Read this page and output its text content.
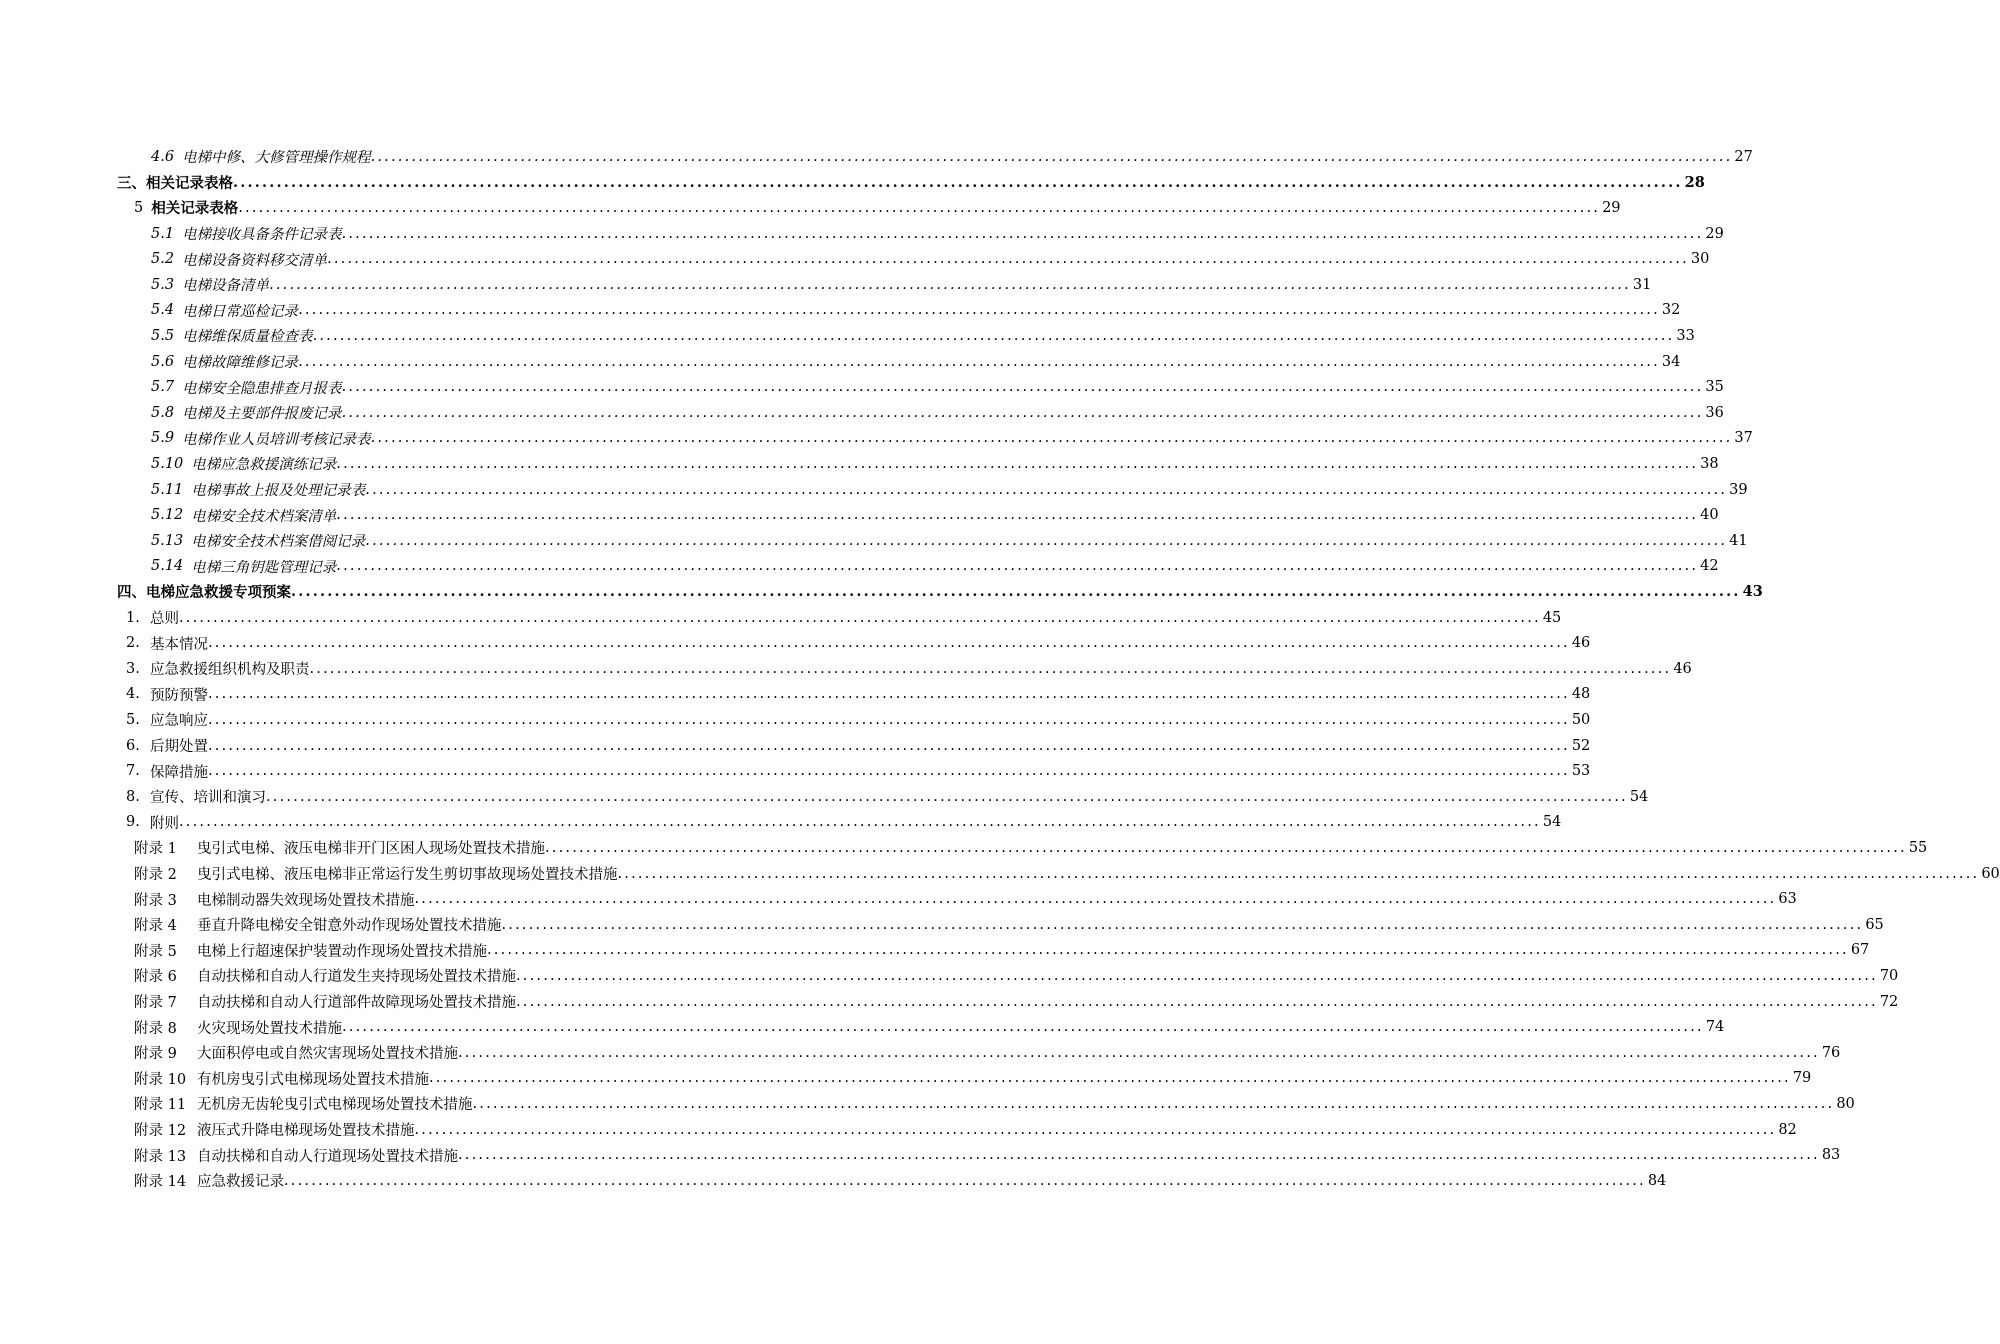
4.6 电梯中修、大修管理操作规程 ........................................................................................................................................................................................................ 27
三、相关记录表格 ........................................................................................................................................................................................................ 28
5 相关记录表格 ........................................................................................................................................................................................................ 29
5.1 电梯接收具备条件记录表 ........................................................................................................................................................................................................ 29
5.2 电梯设备资料移交清单 ........................................................................................................................................................................................................ 30
5.3 电梯设备清单 ........................................................................................................................................................................................................ 31
5.4 电梯日常巡检记录 ........................................................................................................................................................................................................ 32
5.5 电梯维保质量检查表 ........................................................................................................................................................................................................ 33
5.6 电梯故障维修记录 ........................................................................................................................................................................................................ 34
5.7 电梯安全隐患排查月报表 ........................................................................................................................................................................................................ 35
5.8 电梯及主要部件报废记录 ........................................................................................................................................................................................................ 36
5.9 电梯作业人员培训考核记录表 ........................................................................................................................................................................................................ 37
5.10 电梯应急救援演练记录 ........................................................................................................................................................................................................ 38
5.11 电梯事故上报及处理记录表 ........................................................................................................................................................................................................ 39
5.12 电梯安全技术档案清单 ........................................................................................................................................................................................................ 40
5.13 电梯安全技术档案借阅记录 ........................................................................................................................................................................................................ 41
5.14 电梯三角钥匙管理记录 ........................................................................................................................................................................................................ 42
四、电梯应急救援专项预案 ........................................................................................................................................................................................................ 43
1. 总则 ........................................................................................................................................................................................................ 45
2. 基本情况 ........................................................................................................................................................................................................ 46
3. 应急救援组织机构及职责 ........................................................................................................................................................................................................ 46
4. 预防预警 ........................................................................................................................................................................................................ 48
5. 应急响应 ........................................................................................................................................................................................................ 50
6. 后期处置 ........................................................................................................................................................................................................ 52
7. 保障措施 ........................................................................................................................................................................................................ 53
8. 宣传、培训和演习 ........................................................................................................................................................................................................ 54
9. 附则 ........................................................................................................................................................................................................ 54
附录 1	曳引式电梯、液压电梯非开门区困人现场处置技术措施 ........................................................................................................................................................................................................ 55
附录 2	曳引式电梯、液压电梯非正常运行发生剪切事故现场处置技术措施 ........................................................................................................................................................................................................ 60
附录 3	电梯制动器失效现场处置技术措施 ........................................................................................................................................................................................................ 63
附录 4	垂直升降电梯安全钳意外动作现场处置技术措施 ........................................................................................................................................................................................................ 65
附录 5	电梯上行超速保护装置动作现场处置技术措施 ........................................................................................................................................................................................................ 67
附录 6	自动扶梯和自动人行道发生夹持现场处置技术措施 ........................................................................................................................................................................................................ 70
附录 7	自动扶梯和自动人行道部件故障现场处置技术措施 ........................................................................................................................................................................................................ 72
附录 8	火灾现场处置技术措施 ........................................................................................................................................................................................................ 74
附录 9	大面积停电或自然灾害现场处置技术措施 ........................................................................................................................................................................................................ 76
附录 10 有机房曳引式电梯现场处置技术措施 ........................................................................................................................................................................................................ 79
附录 11 无机房无齿轮曳引式电梯现场处置技术措施 ........................................................................................................................................................................................................ 80
附录 12 液压式升降电梯现场处置技术措施 ........................................................................................................................................................................................................ 82
附录 13 自动扶梯和自动人行道现场处置技术措施 ........................................................................................................................................................................................................ 83
附录 14 应急救援记录 ........................................................................................................................................................................................................ 84
